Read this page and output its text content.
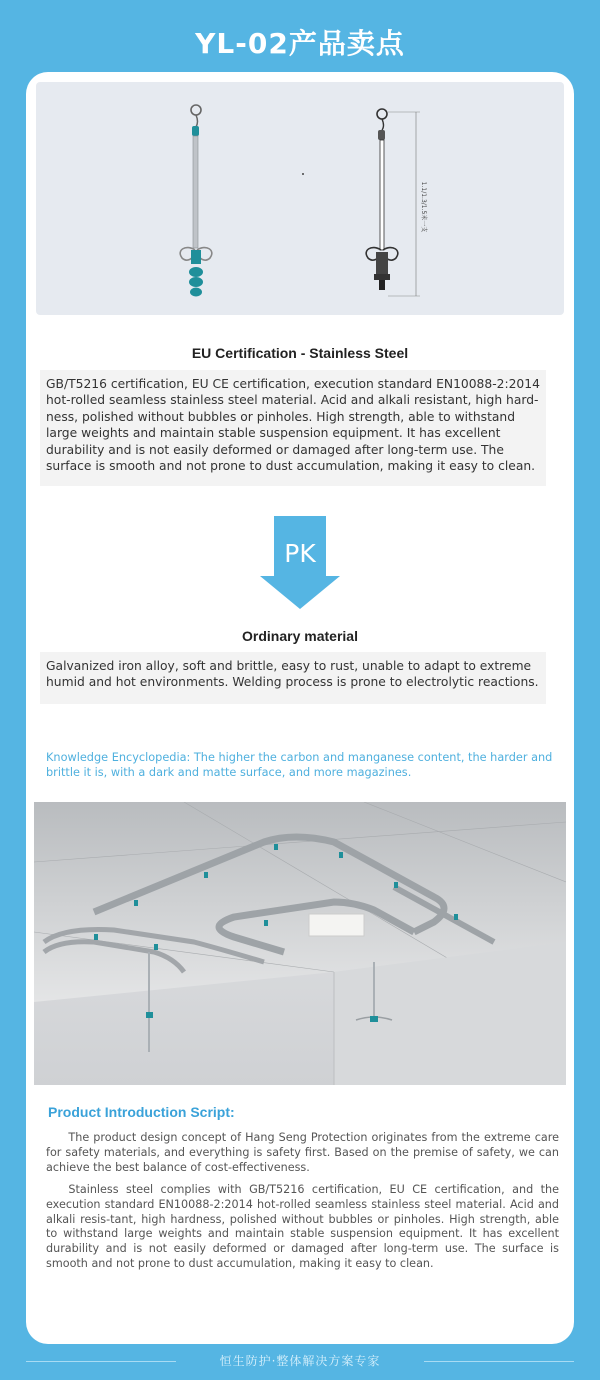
YL-02产品卖点
1.1/1.3/1.5米一支
EU Certification - Stainless Steel
GB/T5216 certification, EU CE certification, execution standard EN10088-2:2014 hot-rolled seamless stainless steel material. Acid and alkali resistant, high hard-ness, polished without bubbles or pinholes. High strength, able to withstand large weights and maintain stable suspension equipment. It has excellent durability and is not easily deformed or damaged after long-term use. The surface is smooth and not prone to dust accumulation, making it easy to clean.
PK
Ordinary material
Galvanized iron alloy, soft and brittle, easy to rust, unable to adapt to extreme humid and hot environments. Welding process is prone to electrolytic reactions.
Knowledge Encyclopedia: The higher the carbon and manganese content, the harder and brittle it is, with a dark and matte surface, and more magazines.
Product Introduction Script:
The product design concept of Hang Seng Protection originates from the extreme care for safety materials, and everything is safety first. Based on the premise of safety, we can achieve the best balance of cost-effectiveness.
Stainless steel complies with GB/T5216 certification, EU CE certification, and the execution standard EN10088-2:2014 hot-rolled seamless stainless steel material. Acid and alkali resis-tant, high hardness, polished without bubbles or pinholes. High strength, able to withstand large weights and maintain stable suspension equipment. It has excellent durability and is not easily deformed or damaged after long-term use. The surface is smooth and not prone to dust accumulation, making it easy to clean.
恒生防护·整体解决方案专家
